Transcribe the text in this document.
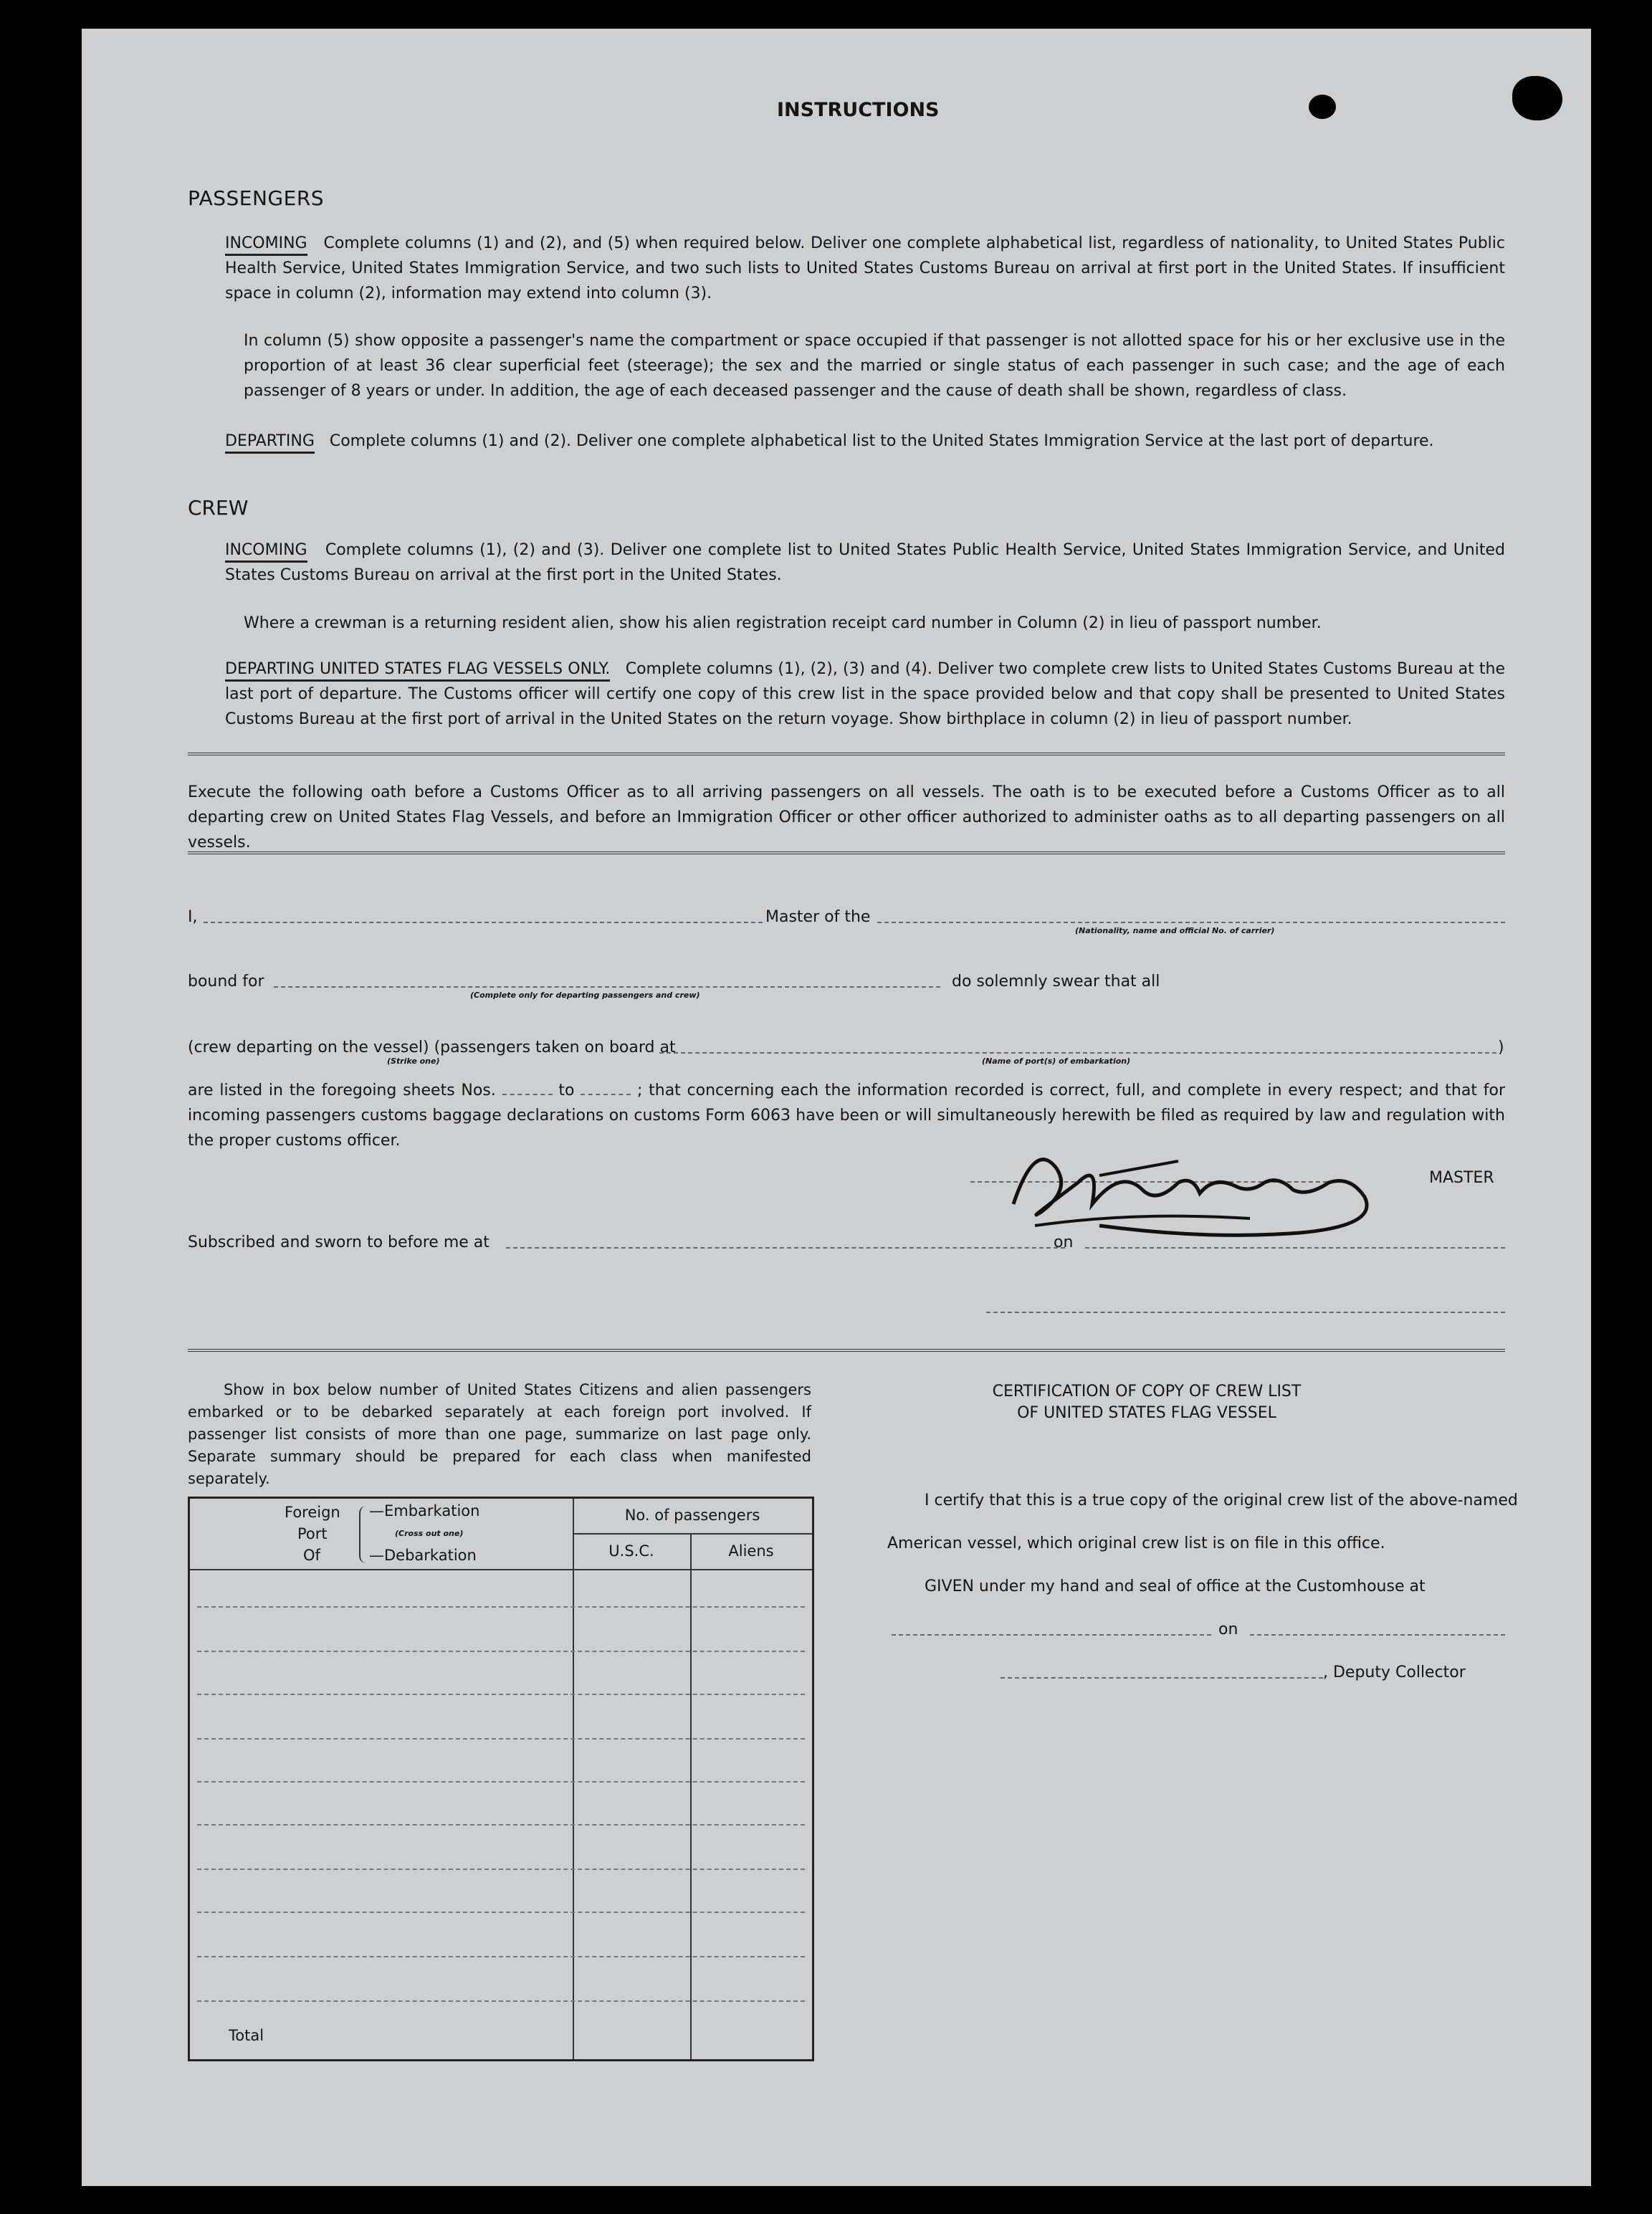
INSTRUCTIONS
PASSENGERS
INCOMING Complete columns (1) and (2), and (5) when required below. Deliver one complete alphabetical list, regardless of nationality, to United States Public Health Service, United States Immigration Service, and two such lists to United States Customs Bureau on arrival at first port in the United States. If insufficient space in column (2), information may extend into column (3).
In column (5) show opposite a passenger's name the compartment or space occupied if that passenger is not allotted space for his or her exclusive use in the proportion of at least 36 clear superficial feet (steerage); the sex and the married or single status of each passenger in such case; and the age of each passenger of 8 years or under. In addition, the age of each deceased passenger and the cause of death shall be shown, regardless of class.
DEPARTING Complete columns (1) and (2). Deliver one complete alphabetical list to the United States Immigration Service at the last port of departure.
CREW
INCOMING Complete columns (1), (2) and (3). Deliver one complete list to United States Public Health Service, United States Immigration Service, and United States Customs Bureau on arrival at the first port in the United States.
Where a crewman is a returning resident alien, show his alien registration receipt card number in Column (2) in lieu of passport number.
DEPARTING UNITED STATES FLAG VESSELS ONLY. Complete columns (1), (2), (3) and (4). Deliver two complete crew lists to United States Customs Bureau at the last port of departure. The Customs officer will certify one copy of this crew list in the space provided below and that copy shall be presented to United States Customs Bureau at the first port of arrival in the United States on the return voyage. Show birthplace in column (2) in lieu of passport number.
Execute the following oath before a Customs Officer as to all arriving passengers on all vessels. The oath is to be executed before a Customs Officer as to all departing crew on United States Flag Vessels, and before an Immigration Officer or other officer authorized to administer oaths as to all departing passengers on all vessels.
I,	Master of the
(Nationality, name and official No. of carrier)
bound for
(Complete only for departing passengers and crew)
do solemnly swear that all
(crew departing on the vessel) (passengers taken on board at	)
(Strike one)	(Name of port(s) of embarkation)
are listed in the foregoing sheets Nos.	to	; that concerning each the information recorded is correct, full, and complete in every respect; and that for incoming passengers customs baggage declarations on customs Form 6063 have been or will simultaneously herewith be filed as required by law and regulation with the proper customs officer.
MASTER
Subscribed and sworn to before me at	on
Show in box below number of United States Citizens and alien passengers embarked or to be debarked separately at each foreign port involved. If passenger list consists of more than one page, summarize on last page only. Separate summary should be prepared for each class when manifested separately.
Foreign
Port
Of
—Embarkation
(Cross out one)
—Debarkation
No. of passengers
U.S.C.	Aliens
Total
CERTIFICATION OF COPY OF CREW LIST
OF UNITED STATES FLAG VESSEL
I certify that this is a true copy of the original crew list of the above-named
American vessel, which original crew list is on file in this office.
GIVEN under my hand and seal of office at the Customhouse at
on
, Deputy Collector
